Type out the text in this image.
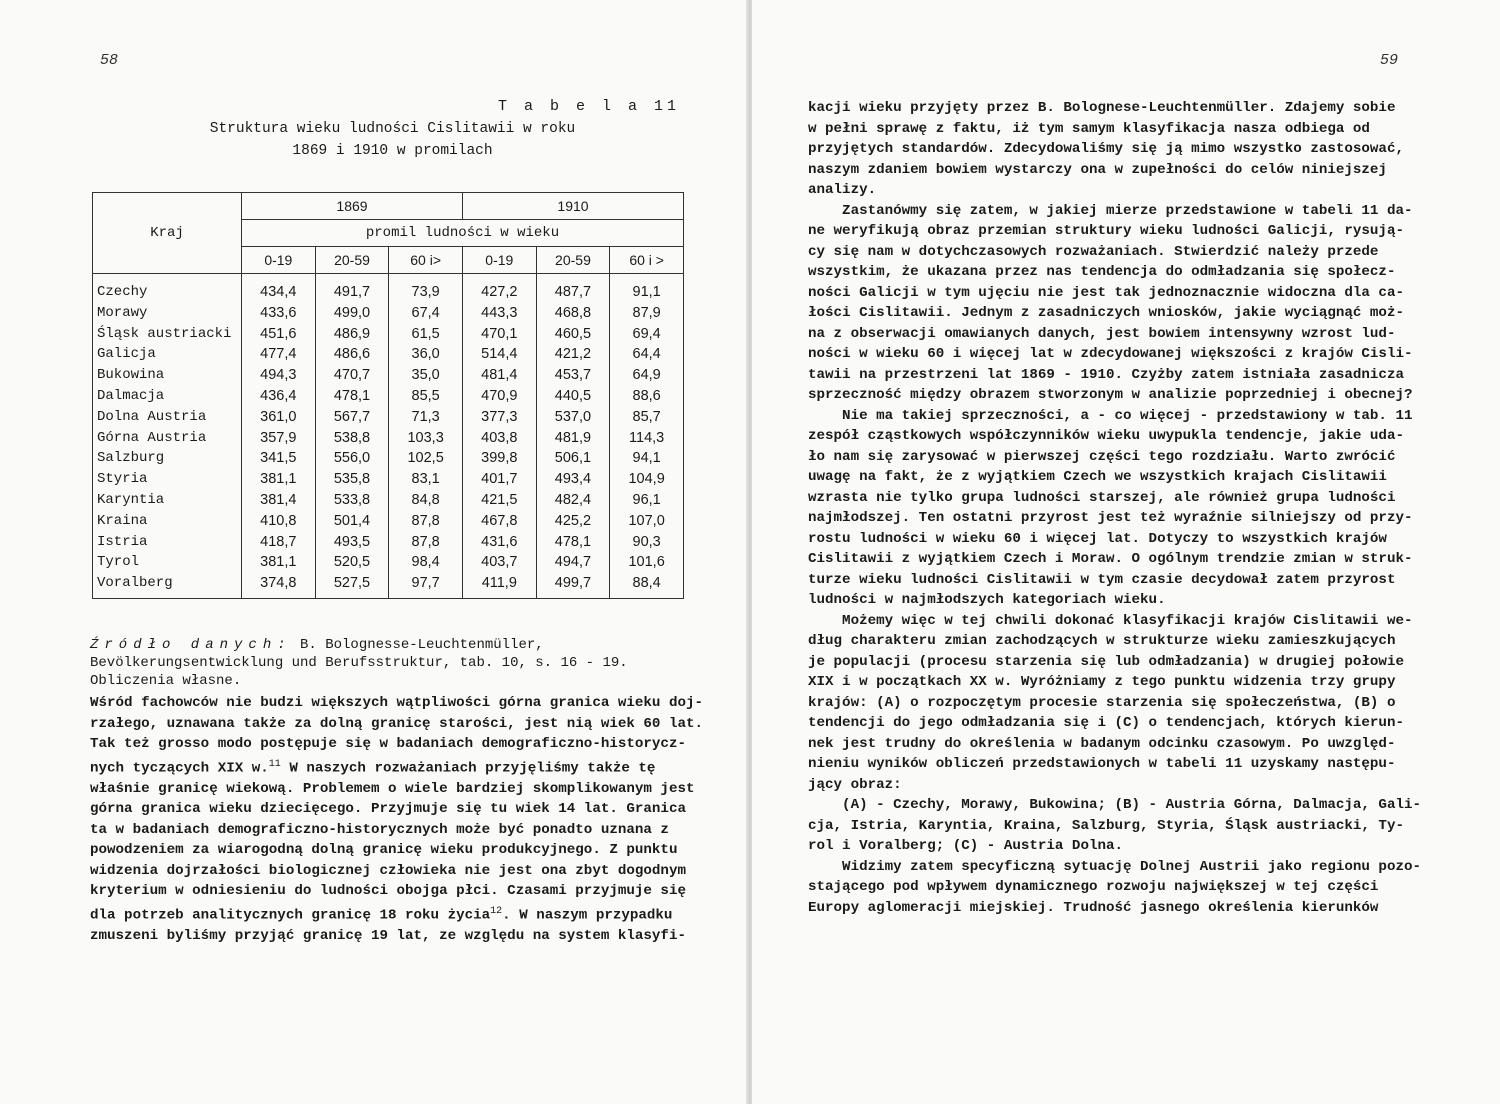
58
T a b e l a 11
Struktura wieku ludności Cislitawii w roku
1869 i 1910 w promilach
Kraj	1869			1910		
	promil ludności w wieku					
	0-19	20-59	60 i>	0-19	20-59	60 i >
Czechy	434,4	491,7	73,9	427,2	487,7	91,1
Morawy	433,6	499,0	67,4	443,3	468,8	87,9
Śląsk austriacki	451,6	486,9	61,5	470,1	460,5	69,4
Galicja	477,4	486,6	36,0	514,4	421,2	64,4
Bukowina	494,3	470,7	35,0	481,4	453,7	64,9
Dalmacja	436,4	478,1	85,5	470,9	440,5	88,6
Dolna Austria	361,0	567,7	71,3	377,3	537,0	85,7
Górna Austria	357,9	538,8	103,3	403,8	481,9	114,3
Salzburg	341,5	556,0	102,5	399,8	506,1	94,1
Styria	381,1	535,8	83,1	401,7	493,4	104,9
Karyntia	381,4	533,8	84,8	421,5	482,4	96,1
Kraina	410,8	501,4	87,8	467,8	425,2	107,0
Istria	418,7	493,5	87,8	431,6	478,1	90,3
Tyrol	381,1	520,5	98,4	403,7	494,7	101,6
Voralberg	374,8	527,5	97,7	411,9	499,7	88,4
Źródło danych: B. Bolognesse-Leuchtenmüller, Bevölkerungsentwicklung und Berufsstruktur, tab. 10, s. 16 - 19. Obliczenia własne.
Wśród fachowców nie budzi większych wątpliwości górna granica wieku doj-
rzałego, uznawana także za dolną granicę starości, jest nią wiek 60 lat.
Tak też grosso modo postępuje się w badaniach demograficzno-historycz-
nych tyczących XIX w.$^{11}$ W naszych rozważaniach przyjęliśmy także tę
właśnie granicę wiekową. Problemem o wiele bardziej skomplikowanym jest
górna granica wieku dziecięcego. Przyjmuje się tu wiek 14 lat. Granica
ta w badaniach demograficzno-historycznych może być ponadto uznana z
powodzeniem za wiarogodną dolną granicę wieku produkcyjnego. Z punktu
widzenia dojrzałości biologicznej człowieka nie jest ona zbyt dogodnym
kryterium w odniesieniu do ludności obojga płci. Czasami przyjmuje się
dla potrzeb analitycznych granicę 18 roku życia$^{12}$. W naszym przypadku
zmuszeni byliśmy przyjąć granicę 19 lat, ze względu na system klasyfi-
59
kacji wieku przyjęty przez B. Bolognese-Leuchtenmüller. Zdajemy sobie
w pełni sprawę z faktu, iż tym samym klasyfikacja nasza odbiega od
przyjętych standardów. Zdecydowaliśmy się ją mimo wszystko zastosować,
naszym zdaniem bowiem wystarczy ona w zupełności do celów niniejszej
analizy.
Zastanówmy się zatem, w jakiej mierze przedstawione w tabeli 11 da-
ne weryfikują obraz przemian struktury wieku ludności Galicji, rysują-
cy się nam w dotychczasowych rozważaniach. Stwierdzić należy przede
wszystkim, że ukazana przez nas tendencja do odmładzania się społecz-
ności Galicji w tym ujęciu nie jest tak jednoznacznie widoczna dla ca-
łości Cislitawii. Jednym z zasadniczych wniosków, jakie wyciągnąć moż-
na z obserwacji omawianych danych, jest bowiem intensywny wzrost lud-
ności w wieku 60 i więcej lat w zdecydowanej większości z krajów Cisli-
tawii na przestrzeni lat 1869 - 1910. Czyżby zatem istniała zasadnicza
sprzeczność między obrazem stworzonym w analizie poprzedniej i obecnej?
Nie ma takiej sprzeczności, a - co więcej - przedstawiony w tab. 11
zespół cząstkowych współczynników wieku uwypukla tendencje, jakie uda-
ło nam się zarysować w pierwszej części tego rozdziału. Warto zwrócić
uwagę na fakt, że z wyjątkiem Czech we wszystkich krajach Cislitawii
wzrasta nie tylko grupa ludności starszej, ale również grupa ludności
najmłodszej. Ten ostatni przyrost jest też wyraźnie silniejszy od przy-
rostu ludności w wieku 60 i więcej lat. Dotyczy to wszystkich krajów
Cislitawii z wyjątkiem Czech i Moraw. O ogólnym trendzie zmian w struk-
turze wieku ludności Cislitawii w tym czasie decydował zatem przyrost
ludności w najmłodszych kategoriach wieku.
Możemy więc w tej chwili dokonać klasyfikacji krajów Cislitawii we-
dług charakteru zmian zachodzących w strukturze wieku zamieszkujących
je populacji (procesu starzenia się lub odmładzania) w drugiej połowie
XIX i w początkach XX w. Wyróżniamy z tego punktu widzenia trzy grupy
krajów: (A) o rozpoczętym procesie starzenia się społeczeństwa, (B) o
tendencji do jego odmładzania się i (C) o tendencjach, których kierun-
nek jest trudny do określenia w badanym odcinku czasowym. Po uwzględ-
nieniu wyników obliczeń przedstawionych w tabeli 11 uzyskamy następu-
jący obraz:
(A) - Czechy, Morawy, Bukowina; (B) - Austria Górna, Dalmacja, Gali-
cja, Istria, Karyntia, Kraina, Salzburg, Styria, Śląsk austriacki, Ty-
rol i Voralberg; (C) - Austria Dolna.
Widzimy zatem specyficzną sytuację Dolnej Austrii jako regionu pozo-
stającego pod wpływem dynamicznego rozwoju największej w tej części
Europy aglomeracji miejskiej. Trudność jasnego określenia kierunków
